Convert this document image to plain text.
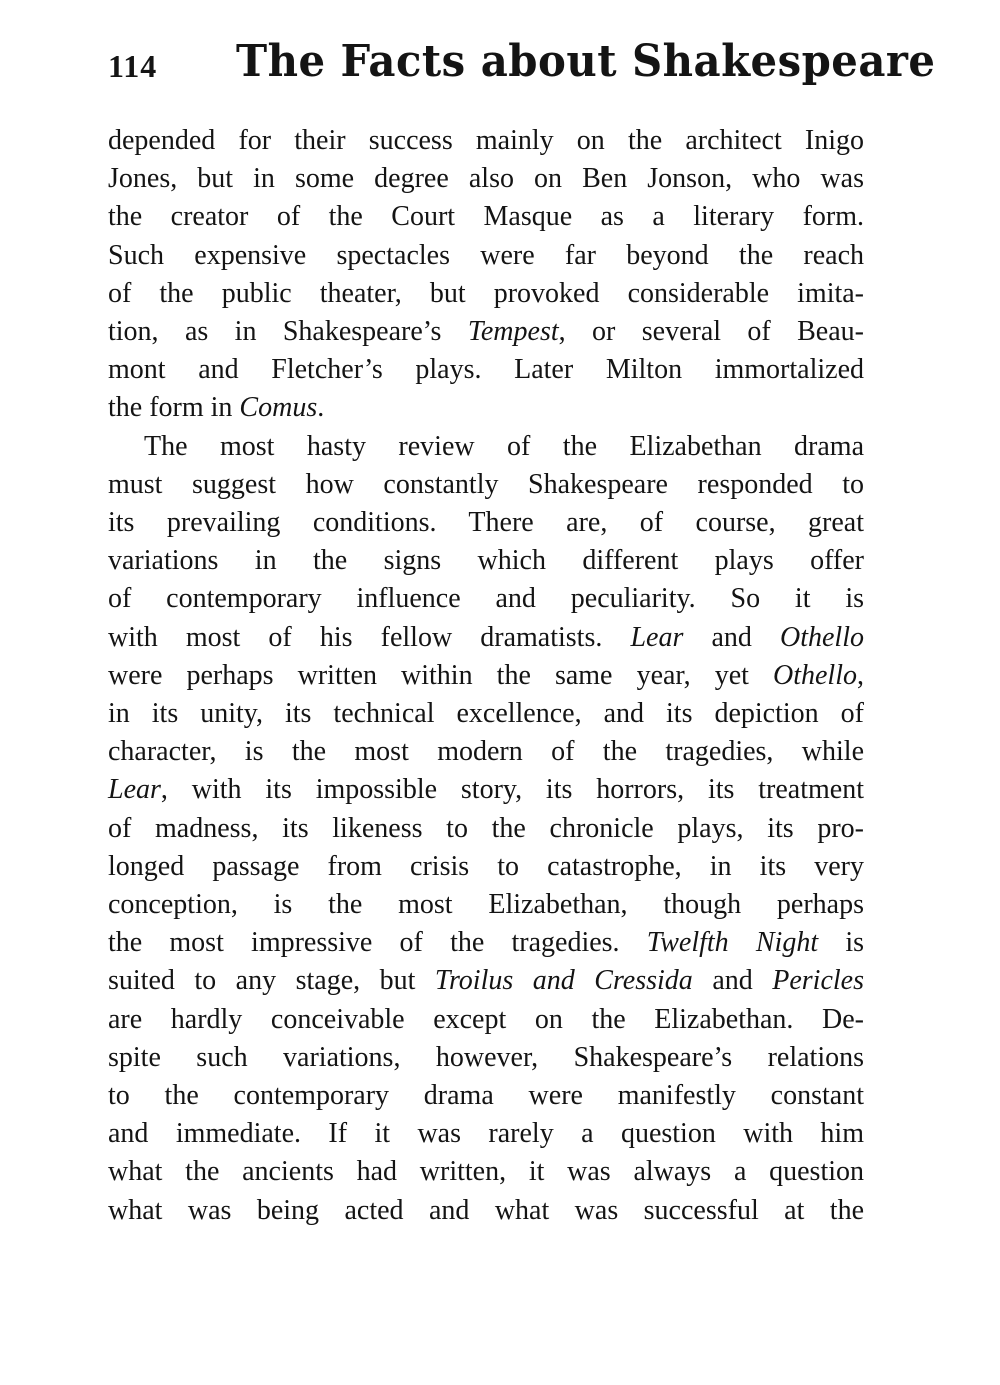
114 The Facts about Shakespeare

depended for their success mainly on the architect Inigo
Jones, but in some degree also on Ben Jonson, who was
the creator of the Court Masque as a literary form.
Such expensive spectacles were far beyond the reach
of the public theater, but provoked considerable imita-
tion, as in Shakespeare’s Tempest, or several of Beau-
mont and Fletcher’s plays. Later Milton immortalized
the form in Comus.

The most hasty review of the Elizabethan drama
must suggest how constantly Shakespeare responded to
its prevailing conditions. There are, of course, great
variations in the signs which different plays offer
of contemporary influence and peculiarity. So it is
with most of his fellow dramatists. Lear and Othello
were perhaps written within the same year, yet Othello,
in its unity, its technical excellence, and its depiction of
character, is the most modern of the tragedies, while
Lear, with its impossible story, its horrors, its treatment
of madness, its likeness to the chronicle plays, its pro-
longed passage from crisis to catastrophe, in its very
conception, is the most Elizabethan, though perhaps
the most impressive of the tragedies. Twelfth Night is
suited to any stage, but Troilus and Cressida and Pericles
are hardly conceivable except on the Elizabethan. De-
spite such variations, however, Shakespeare’s relations
to the contemporary drama were manifestly constant
and immediate. If it was rarely a question with him
what the ancients had written, it was always a question
what was being acted and what was successful at the
